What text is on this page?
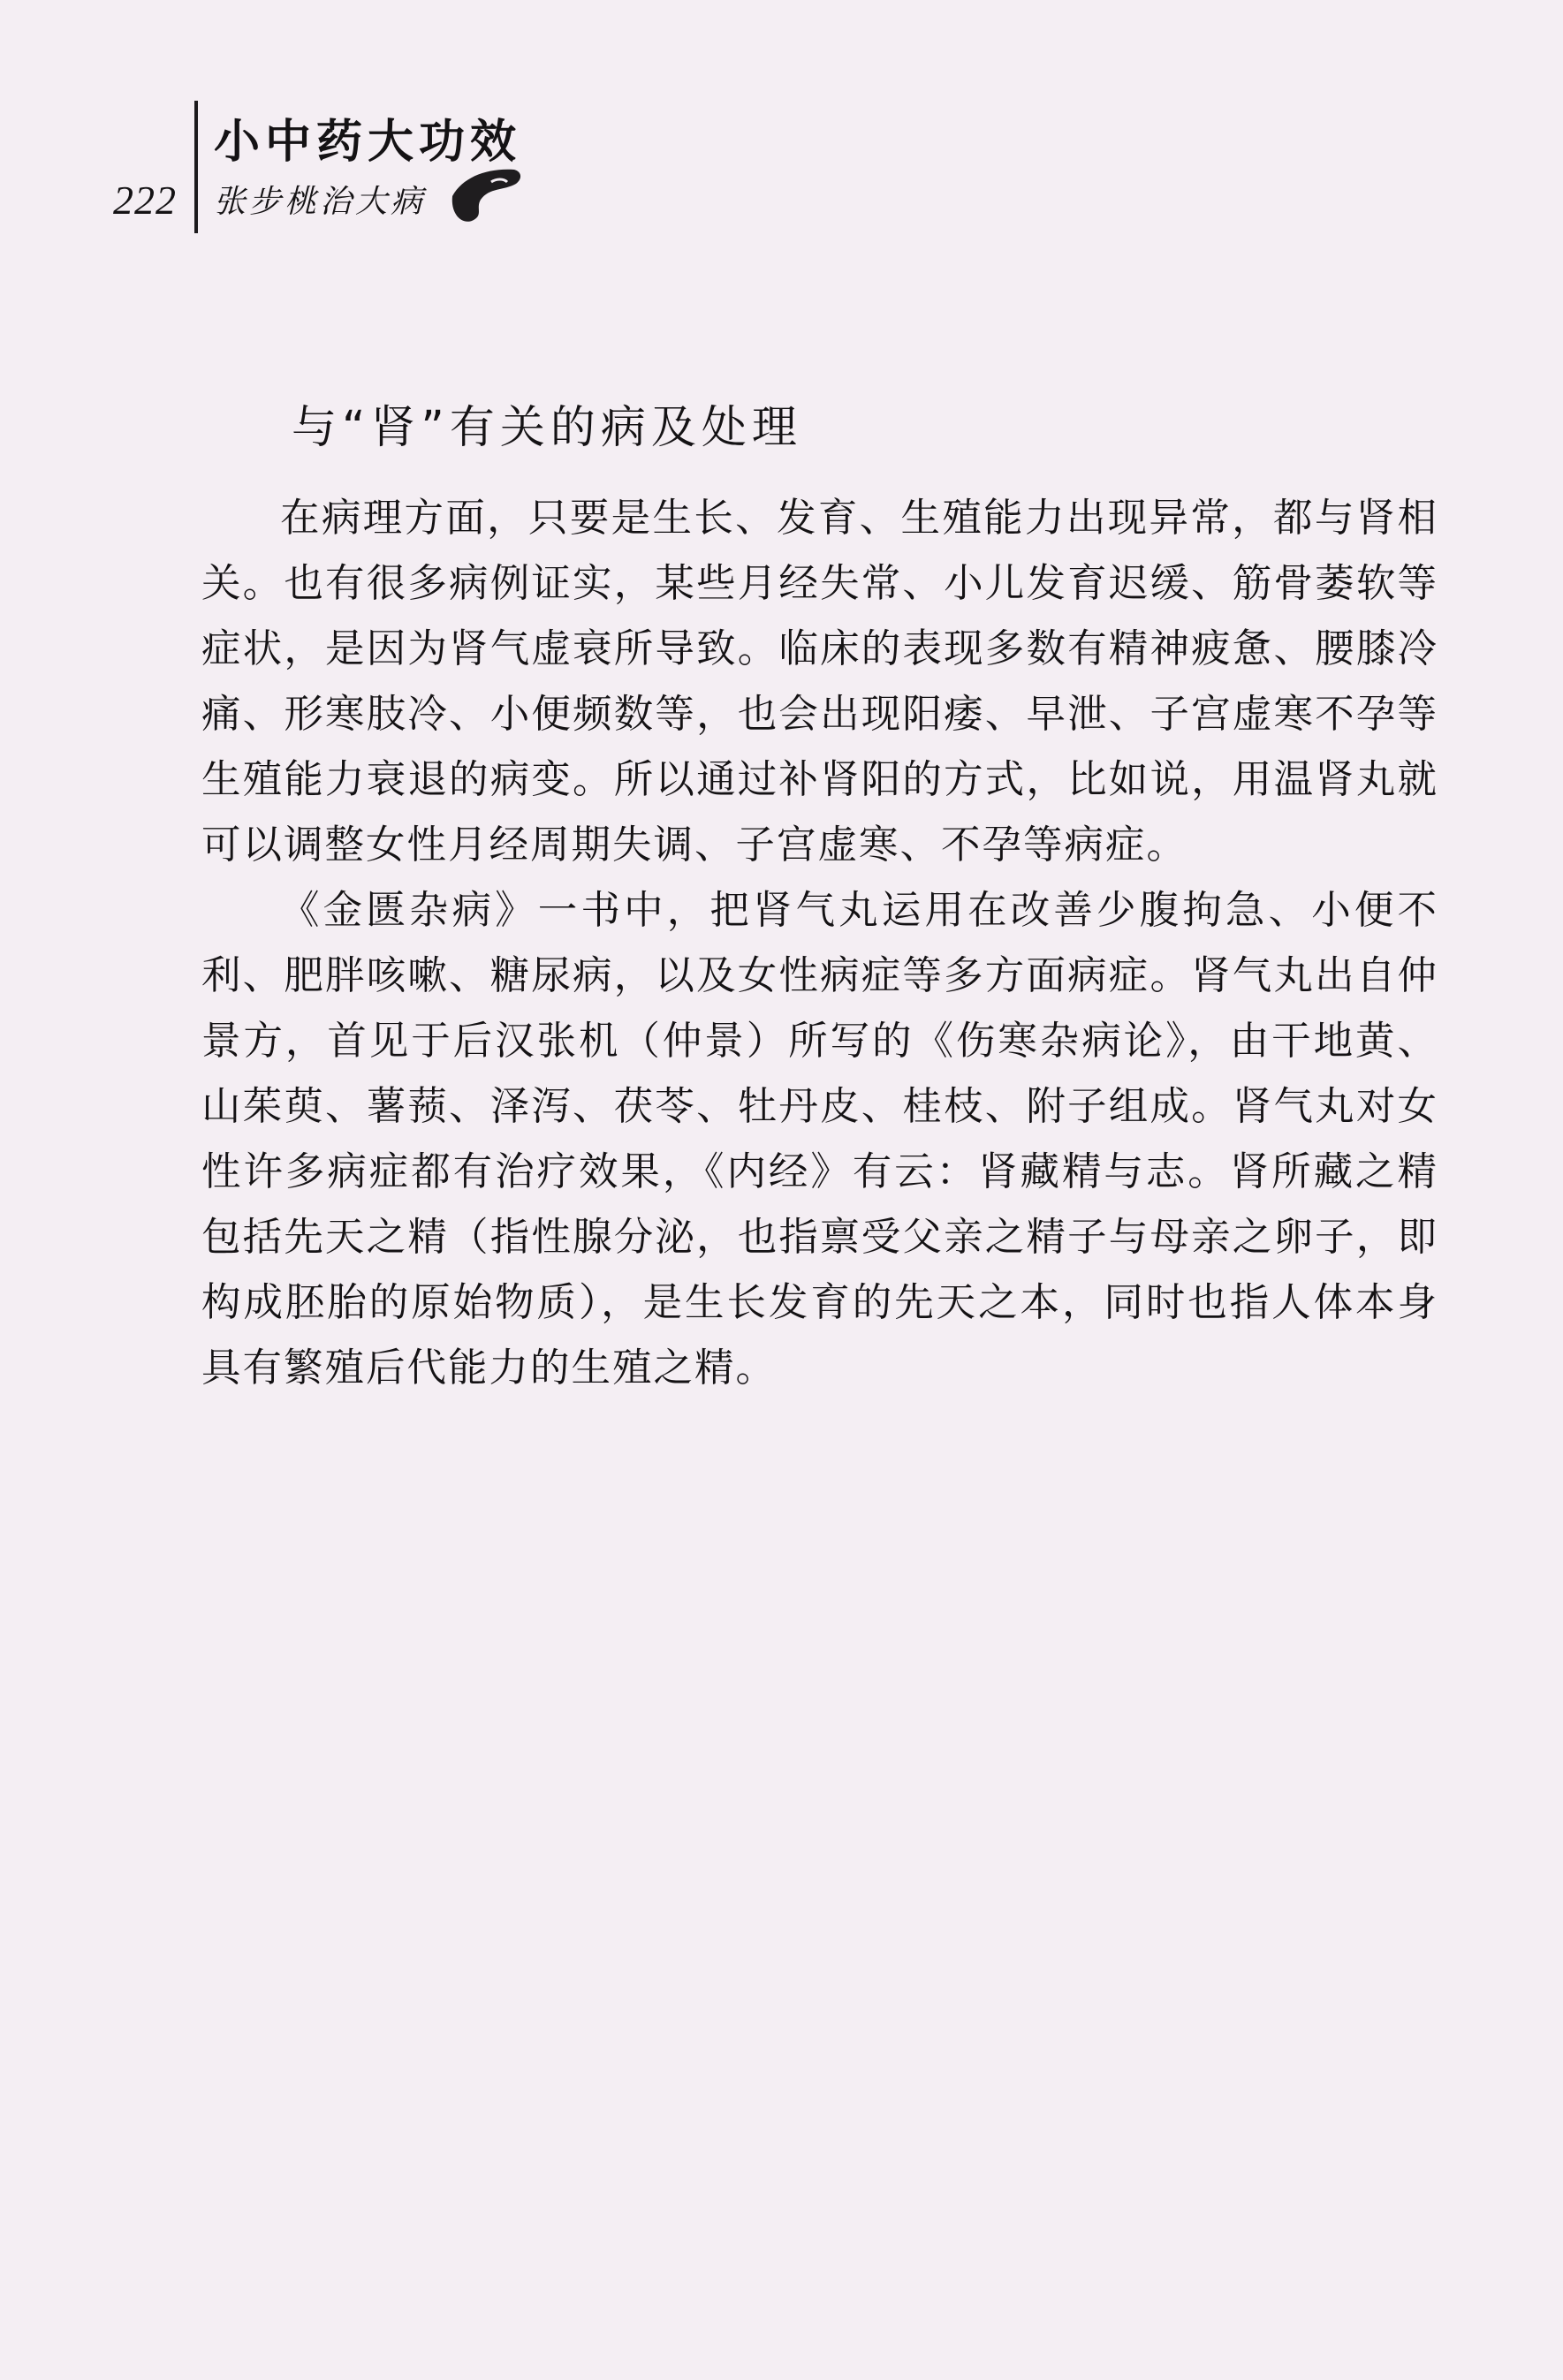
222
小中药大功效
张步桃治大病
与“肾”有关的病及处理

在病理方面，只要是生长、发育、生殖能力出现异常，都与肾相关。也有很多病例证实，某些月经失常、小儿发育迟缓、筋骨萎软等症状，是因为肾气虚衰所导致。临床的表现多数有精神疲惫、腰膝冷痛、形寒肢冷、小便频数等，也会出现阳痿、早泄、子宫虚寒不孕等生殖能力衰退的病变。所以通过补肾阳的方式，比如说，用温肾丸就可以调整女性月经周期失调、子宫虚寒、不孕等病症。

《金匮杂病》一书中，把肾气丸运用在改善少腹拘急、小便不利、肥胖咳嗽、糖尿病，以及女性病症等多方面病症。肾气丸出自仲景方，首见于后汉张机（仲景）所写的《伤寒杂病论》，由干地黄、山茱萸、薯蓣、泽泻、茯苓、牡丹皮、桂枝、附子组成。肾气丸对女性许多病症都有治疗效果，《内经》有云：肾藏精与志。肾所藏之精包括先天之精（指性腺分泌，也指禀受父亲之精子与母亲之卵子，即构成胚胎的原始物质），是生长发育的先天之本，同时也指人体本身具有繁殖后代能力的生殖之精。
